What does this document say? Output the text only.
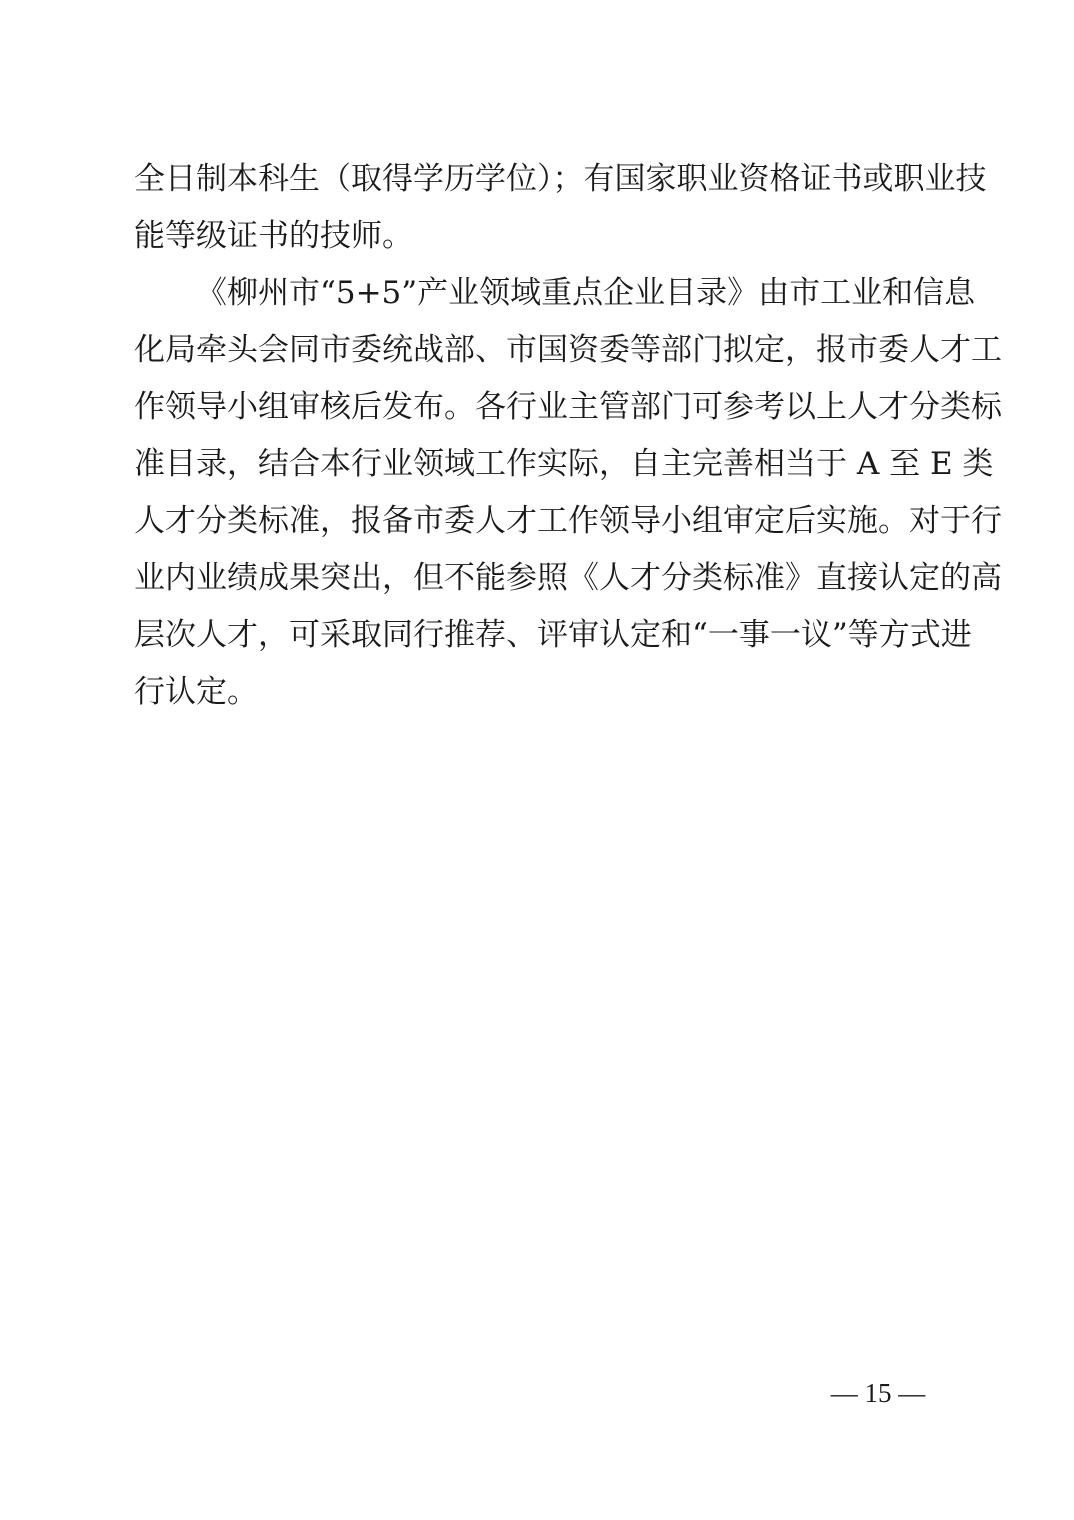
全日制本科生（取得学历学位）；有国家职业资格证书或职业技
能等级证书的技师。
《柳州市“5+5”产业领域重点企业目录》由市工业和信息
化局牵头会同市委统战部、市国资委等部门拟定，报市委人才工
作领导小组审核后发布。各行业主管部门可参考以上人才分类标
准目录，结合本行业领域工作实际，自主完善相当于 A 至 E 类
人才分类标准，报备市委人才工作领导小组审定后实施。对于行
业内业绩成果突出，但不能参照《人才分类标准》直接认定的高
层次人才，可采取同行推荐、评审认定和“一事一议”等方式进
行认定。
— 15 —
